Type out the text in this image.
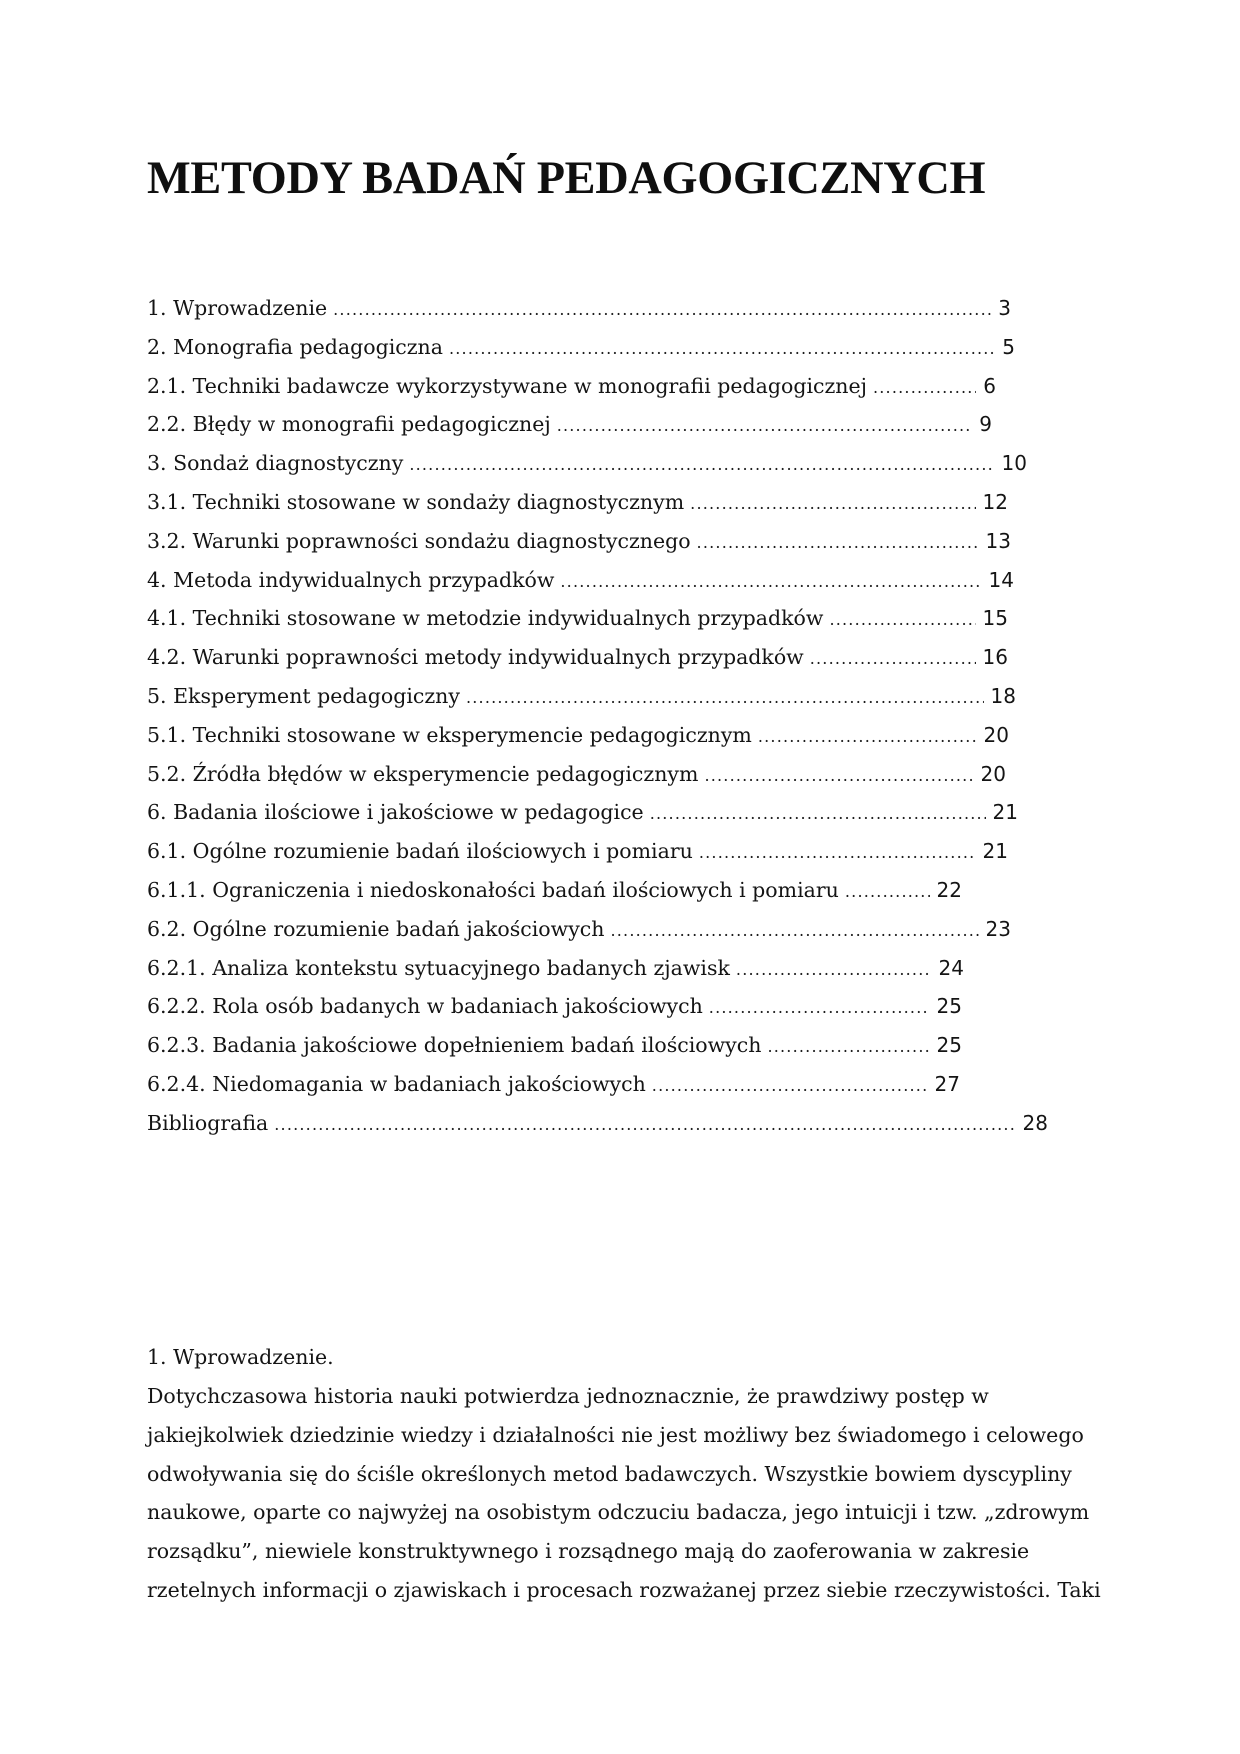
METODY BADAŃ PEDAGOGICZNYCH
1. Wprowadzenie .....	3
2. Monografia pedagogiczna .....	5
2.1. Techniki badawcze wykorzystywane w monografii pedagogicznej .....	6
2.2. Błędy w monografii pedagogicznej .....	9
3. Sondaż diagnostyczny .....	10
3.1. Techniki stosowane w sondaży diagnostycznym .....	12
3.2. Warunki poprawności sondażu diagnostycznego .....	13
4. Metoda indywidualnych przypadków .....	14
4.1. Techniki stosowane w metodzie indywidualnych przypadków .....	15
4.2. Warunki poprawności metody indywidualnych przypadków .....	16
5. Eksperyment pedagogiczny .....	18
5.1. Techniki stosowane w eksperymencie pedagogicznym .....	20
5.2. Źródła błędów w eksperymencie pedagogicznym .....	20
6. Badania ilościowe i jakościowe w pedagogice .....	21
6.1. Ogólne rozumienie badań ilościowych i pomiaru .....	21
6.1.1. Ograniczenia i niedoskonałości badań ilościowych i pomiaru .....	22
6.2. Ogólne rozumienie badań jakościowych .....	23
6.2.1. Analiza kontekstu sytuacyjnego badanych zjawisk .....	24
6.2.2. Rola osób badanych w badaniach jakościowych .....	25
6.2.3. Badania jakościowe dopełnieniem badań ilościowych .....	25
6.2.4. Niedomagania w badaniach jakościowych .....	27
Bibliografia .....	28
1. Wprowadzenie.

Dotychczasowa historia nauki potwierdza jednoznacznie, że prawdziwy postęp w
jakiejkolwiek dziedzinie wiedzy i działalności nie jest możliwy bez świadomego i celowego
odwoływania się do ściśle określonych metod badawczych. Wszystkie bowiem dyscypliny
naukowe, oparte co najwyżej na osobistym odczuciu badacza, jego intuicji i tzw. „zdrowym
rozsądku”, niewiele konstruktywnego i rozsądnego mają do zaoferowania w zakresie
rzetelnych informacji o zjawiskach i procesach rozważanej przez siebie rzeczywistości. Taki
